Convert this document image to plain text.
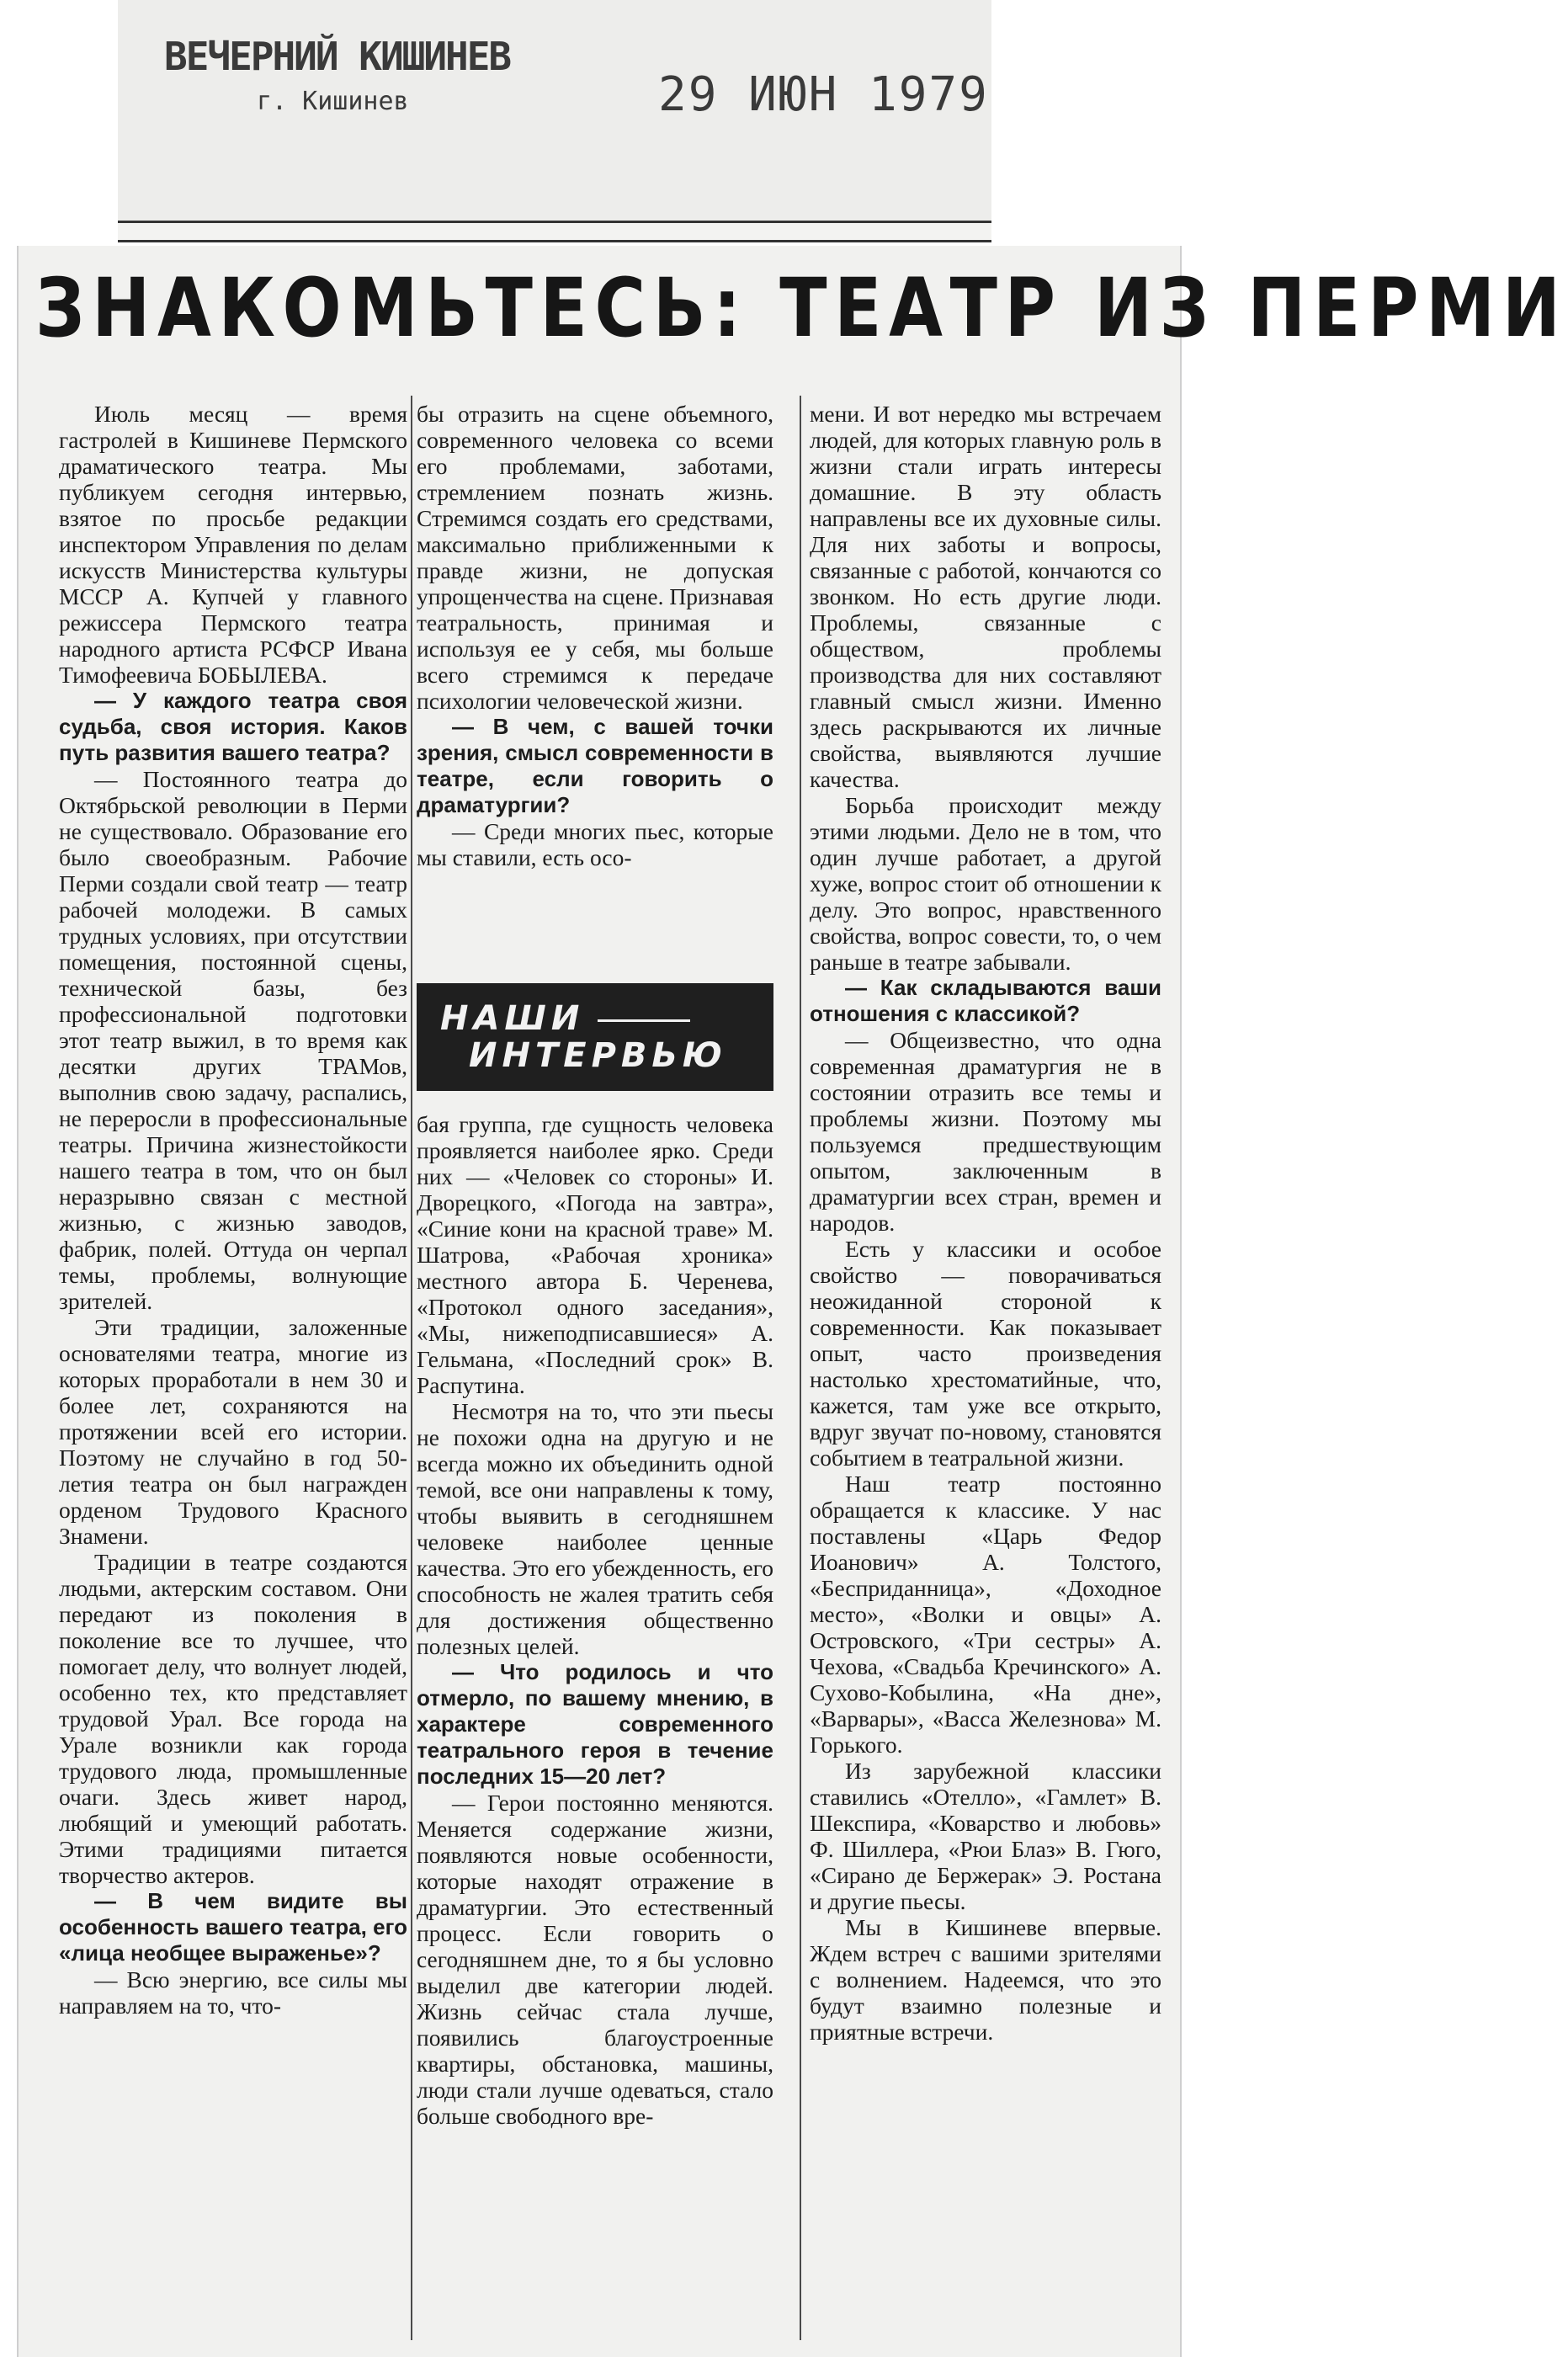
ВЕЧЕРНИЙ КИШИНЕВ
г. Кишинев	29 ИЮН 1979
ЗНАКОМЬТЕСЬ: ТЕАТР ИЗ ПЕРМИ

Июль месяц — время гастролей в Кишиневе Пермского драматического театра. Мы публикуем сегодня интервью, взятое по просьбе редакции инспектором Управления по делам искусств Министерства культуры МССР А. Купчей у главного режиссера Пермского театра народного артиста РСФСР Ивана Тимофеевича БОБЫЛЕВА.

— У каждого театра своя судьба, своя история. Каков путь развития вашего театра?

— Постоянного театра до Октябрьской революции в Перми не существовало. Образование его было своеобразным. Рабочие Перми создали свой театр — театр рабочей молодежи. В самых трудных условиях, при отсутствии помещения, постоянной сцены, технической базы, без профессиональной подготовки этот театр выжил, в то время как десятки других ТРАМов, выполнив свою задачу, распались, не переросли в профессиональные театры. Причина жизнестойкости нашего театра в том, что он был неразрывно связан с местной жизнью, с жизнью заводов, фабрик, полей. Оттуда он черпал темы, проблемы, волнующие зрителей.

Эти традиции, заложенные основателями театра, многие из которых проработали в нем 30 и более лет, сохраняются на протяжении всей его истории. Поэтому не случайно в год 50-летия театра он был награжден орденом Трудового Красного Знамени.

Традиции в театре создаются людьми, актерским составом. Они передают из поколения в поколение все то лучшее, что помогает делу, что волнует людей, особенно тех, кто представляет трудовой Урал. Все города на Урале возникли как города трудового люда, промышленные очаги. Здесь живет народ, любящий и умеющий работать. Этими традициями питается творчество актеров.

— В чем видите вы особенность вашего театра, его «лица необщее выраженье»?

— Всю энергию, все силы мы направляем на то, что-

бы отразить на сцене объемного, современного человека со всеми его проблемами, заботами, стремлением познать жизнь. Стремимся создать его средствами, максимально приближенными к правде жизни, не допуская упрощенчества на сцене. Признавая театральность, принимая и используя ее у себя, мы больше всего стремимся к передаче психологии человеческой жизни.

— В чем, с вашей точки зрения, смысл современности в театре, если говорить о драматургии?

— Среди многих пьес, которые мы ставили, есть осо-

НАШИ
ИНТЕРВЬЮ

бая группа, где сущность человека проявляется наиболее ярко. Среди них — «Человек со стороны» И. Дворецкого, «Погода на завтра», «Синие кони на красной траве» М. Шатрова, «Рабочая хроника» местного автора Б. Черенева, «Протокол одного заседания», «Мы, нижеподписавшиеся» А. Гельмана, «Последний срок» В. Распутина.

Несмотря на то, что эти пьесы не похожи одна на другую и не всегда можно их объединить одной темой, все они направлены к тому, чтобы выявить в сегодняшнем человеке наиболее ценные качества. Это его убежденность, его способность не жалея тратить себя для достижения общественно полезных целей.

— Что родилось и что отмерло, по вашему мнению, в характере современного театрального героя в течение последних 15—20 лет?

— Герои постоянно меняются. Меняется содержание жизни, появляются новые особенности, которые находят отражение в драматургии. Это естественный процесс. Если говорить о сегодняшнем дне, то я бы условно выделил две категории людей. Жизнь сейчас стала лучше, появились благоустроенные квартиры, обстановка, машины, люди стали лучше одеваться, стало больше свободного вре-

мени. И вот нередко мы встречаем людей, для которых главную роль в жизни стали играть интересы домашние. В эту область направлены все их духовные силы. Для них заботы и вопросы, связанные с работой, кончаются со звонком. Но есть другие люди. Проблемы, связанные с обществом, проблемы производства для них составляют главный смысл жизни. Именно здесь раскрываются их личные свойства, выявляются лучшие качества.

Борьба происходит между этими людьми. Дело не в том, что один лучше работает, а другой хуже, вопрос стоит об отношении к делу. Это вопрос, нравственного свойства, вопрос совести, то, о чем раньше в театре забывали.

— Как складываются ваши отношения с классикой?

— Общеизвестно, что одна современная драматургия не в состоянии отразить все темы и проблемы жизни. Поэтому мы пользуемся предшествующим опытом, заключенным в драматургии всех стран, времен и народов.

Есть у классики и особое свойство — поворачиваться неожиданной стороной к современности. Как показывает опыт, часто произведения настолько хрестоматийные, что, кажется, там уже все открыто, вдруг звучат по-новому, становятся событием в театральной жизни.

Наш театр постоянно обращается к классике. У нас поставлены «Царь Федор Иоанович» А. Толстого, «Бесприданница», «Доходное место», «Волки и овцы» А. Островского, «Три сестры» А. Чехова, «Свадьба Кречинского» А. Сухово-Кобылина, «На дне», «Варвары», «Васса Железнова» М. Горького.

Из зарубежной классики ставились «Отелло», «Гамлет» В. Шекспира, «Коварство и любовь» Ф. Шиллера, «Рюи Блаз» В. Гюго, «Сирано де Бержерак» Э. Ростана и другие пьесы.

Мы в Кишиневе впервые. Ждем встреч с вашими зрителями с волнением. Надеемся, что это будут взаимно полезные и приятные встречи.
